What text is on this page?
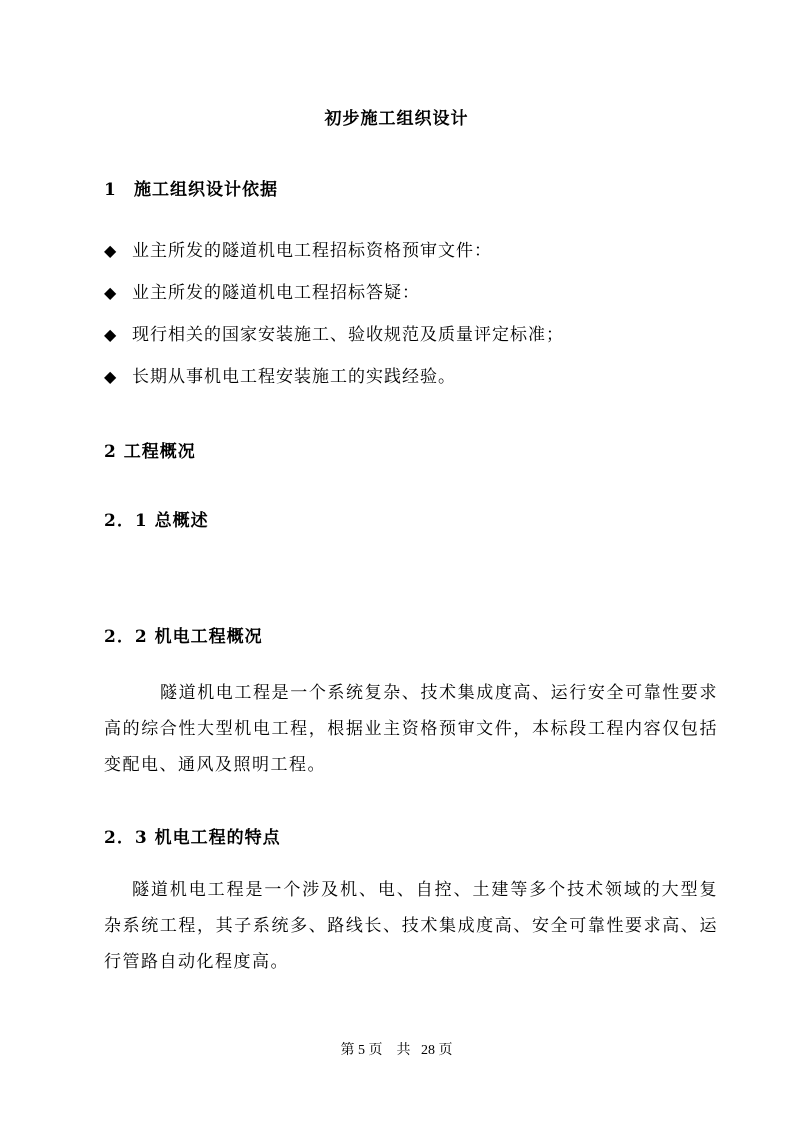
初步施工组织设计
1 施工组织设计依据
◆ 业主所发的隧道机电工程招标资格预审文件：
◆ 业主所发的隧道机电工程招标答疑：
◆ 现行相关的国家安装施工、验收规范及质量评定标准；
◆ 长期从事机电工程安装施工的实践经验。
2 工程概况
2．1 总概述
2．2 机电工程概况

隧道机电工程是一个系统复杂、技术集成度高、运行安全可靠性要求高的综合性大型机电工程，根据业主资格预审文件，本标段工程内容仅包括变配电、通风及照明工程。

2．3 机电工程的特点

隧道机电工程是一个涉及机、电、自控、土建等多个技术领域的大型复杂系统工程，其子系统多、路线长、技术集成度高、安全可靠性要求高、运行管路自动化程度高。

第 5 页    共   28 页
